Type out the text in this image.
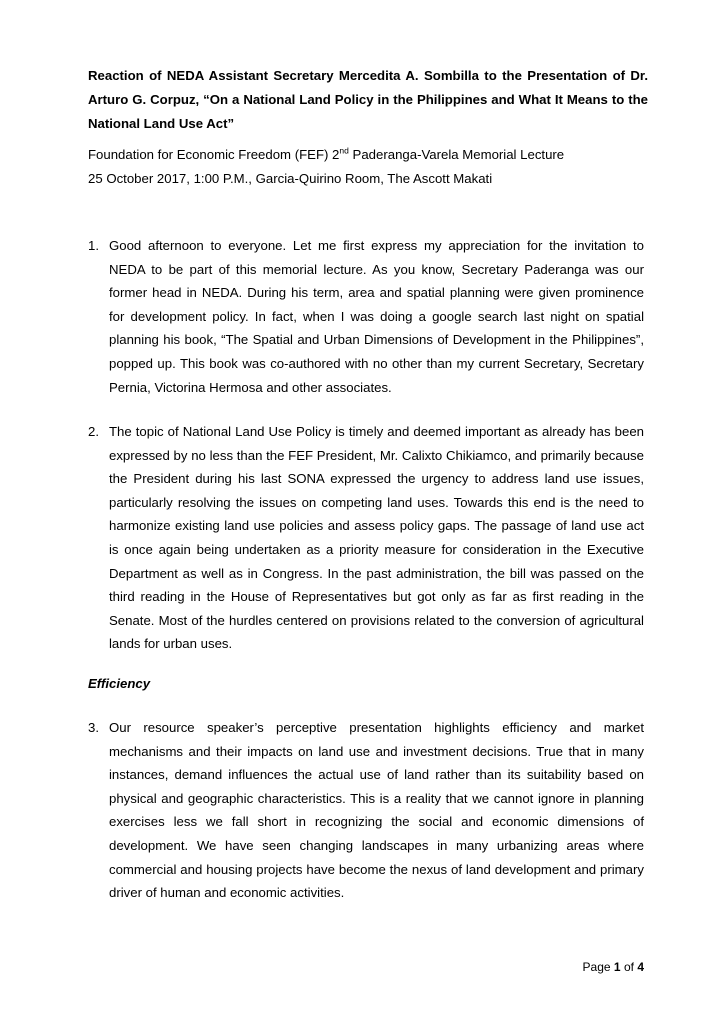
Reaction of NEDA Assistant Secretary Mercedita A. Sombilla to the Presentation of Dr. Arturo G. Corpuz, “On a National Land Policy in the Philippines and What It Means to the National Land Use Act”
Foundation for Economic Freedom (FEF) 2nd Paderanga-Varela Memorial Lecture
25 October 2017, 1:00 P.M., Garcia-Quirino Room, The Ascott Makati
1. Good afternoon to everyone. Let me first express my appreciation for the invitation to NEDA to be part of this memorial lecture. As you know, Secretary Paderanga was our former head in NEDA. During his term, area and spatial planning were given prominence for development policy. In fact, when I was doing a google search last night on spatial planning his book, “The Spatial and Urban Dimensions of Development in the Philippines”, popped up. This book was co-authored with no other than my current Secretary, Secretary Pernia, Victorina Hermosa and other associates.
2. The topic of National Land Use Policy is timely and deemed important as already has been expressed by no less than the FEF President, Mr. Calixto Chikiamco, and primarily because the President during his last SONA expressed the urgency to address land use issues, particularly resolving the issues on competing land uses. Towards this end is the need to harmonize existing land use policies and assess policy gaps. The passage of land use act is once again being undertaken as a priority measure for consideration in the Executive Department as well as in Congress. In the past administration, the bill was passed on the third reading in the House of Representatives but got only as far as first reading in the Senate. Most of the hurdles centered on provisions related to the conversion of agricultural lands for urban uses.
Efficiency
3. Our resource speaker’s perceptive presentation highlights efficiency and market mechanisms and their impacts on land use and investment decisions. True that in many instances, demand influences the actual use of land rather than its suitability based on physical and geographic characteristics. This is a reality that we cannot ignore in planning exercises less we fall short in recognizing the social and economic dimensions of development. We have seen changing landscapes in many urbanizing areas where commercial and housing projects have become the nexus of land development and primary driver of human and economic activities.
Page 1 of 4
